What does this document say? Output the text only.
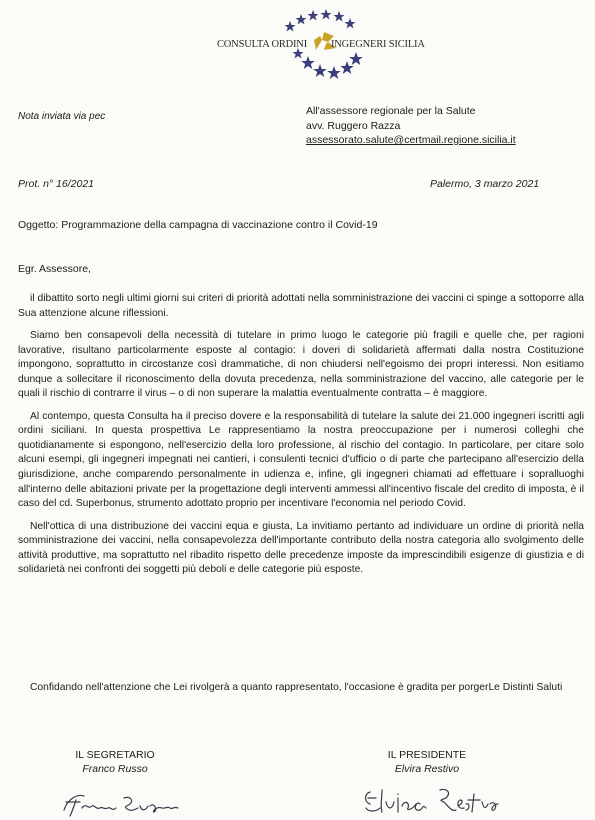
CONSULTA ORDINI INGEGNERI SICILIA
Nota inviata via pec	All'assessore regionale per la Salute
avv. Ruggero Razza
assessorato.salute@certmail.regione.sicilia.it
Prot. n° 16/2021	Palermo, 3 marzo 2021
Oggetto: Programmazione della campagna di vaccinazione contro il Covid-19
Egr. Assessore,

il dibattito sorto negli ultimi giorni sui criteri di priorità adottati nella somministrazione dei vaccini ci spinge a sottoporre alla Sua attenzione alcune riflessioni.

Siamo ben consapevoli della necessità di tutelare in primo luogo le categorie più fragili e quelle che, per ragioni lavorative, risultano particolarmente esposte al contagio: i doveri di solidarietà affermati dalla nostra Costituzione impongono, soprattutto in circostanze così drammatiche, di non chiudersi nell'egoismo dei propri interessi. Non esitiamo dunque a sollecitare il riconoscimento della dovuta precedenza, nella somministrazione del vaccino, alle categorie per le quali il rischio di contrarre il virus – o di non superare la malattia eventualmente contratta – è maggiore.

Al contempo, questa Consulta ha il preciso dovere e la responsabilità di tutelare la salute dei 21.000 ingegneri iscritti agli ordini siciliani. In questa prospettiva Le rappresentiamo la nostra preoccupazione per i numerosi colleghi che quotidianamente si espongono, nell'esercizio della loro professione, al rischio del contagio. In particolare, per citare solo alcuni esempi, gli ingegneri impegnati nei cantieri, i consulenti tecnici d'ufficio o di parte che partecipano all'esercizio della giurisdizione, anche comparendo personalmente in udienza e, infine, gli ingegneri chiamati ad effettuare i sopralluoghi all'interno delle abitazioni private per la progettazione degli interventi ammessi all'incentivo fiscale del credito di imposta, è il caso del cd. Superbonus, strumento adottato proprio per incentivare l'economia nel periodo Covid.

Nell'ottica di una distribuzione dei vaccini equa e giusta, La invitiamo pertanto ad individuare un ordine di priorità nella somministrazione dei vaccini, nella consapevolezza dell'importante contributo della nostra categoria allo svolgimento delle attività produttive, ma soprattutto nel ribadito rispetto delle precedenze imposte da imprescindibili esigenze di giustizia e di solidarietà nei confronti dei soggetti più deboli e delle categorie più esposte.

Confidando nell'attenzione che Lei rivolgerà a quanto rappresentato, l'occasione è gradita per porgerLe Distinti Saluti
IL SEGRETARIO
Franco Russo
IL PRESIDENTE
Elvira Restivo
